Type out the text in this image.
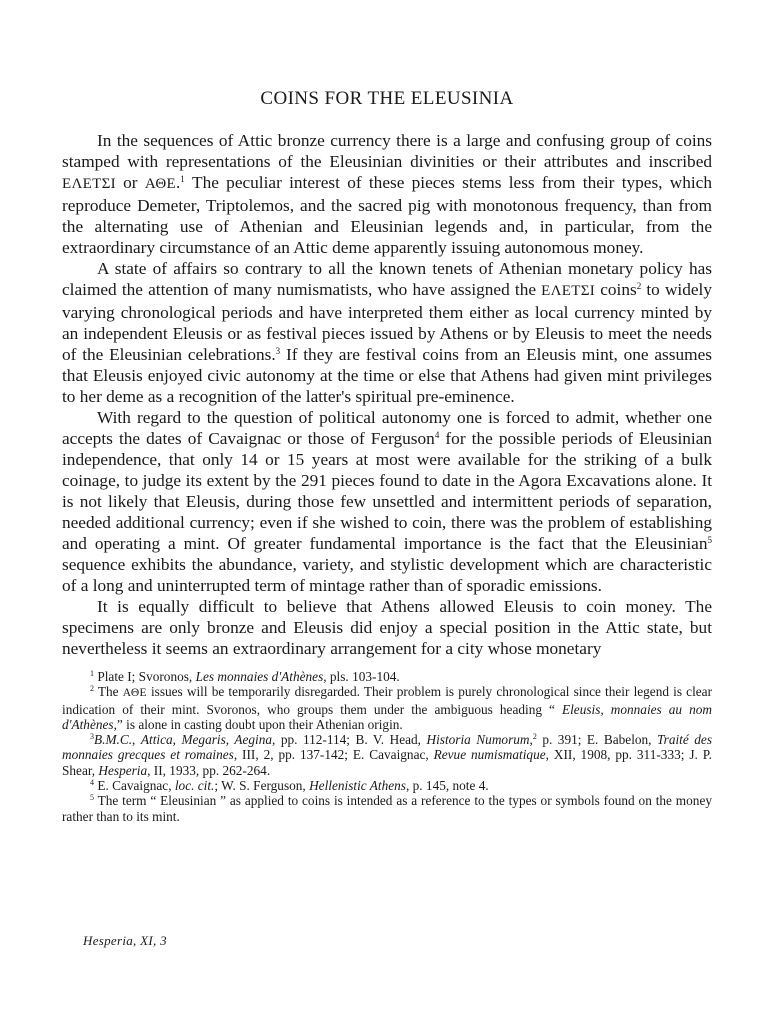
COINS FOR THE ELEUSINIA

In the sequences of Attic bronze currency there is a large and confusing group of coins stamped with representations of the Eleusinian divinities or their attributes and inscribed ΕΛΕΤΣΙ or ΑΘΕ.$^1$ The peculiar interest of these pieces stems less from their types, which reproduce Demeter, Triptolemos, and the sacred pig with monotonous frequency, than from the alternating use of Athenian and Eleusinian legends and, in particular, from the extraordinary circumstance of an Attic deme apparently issuing autonomous money.

A state of affairs so contrary to all the known tenets of Athenian monetary policy has claimed the attention of many numismatists, who have assigned the ΕΛΕΤΣΙ coins$^2$ to widely varying chronological periods and have interpreted them either as local currency minted by an independent Eleusis or as festival pieces issued by Athens or by Eleusis to meet the needs of the Eleusinian celebrations.$^3$ If they are festival coins from an Eleusis mint, one assumes that Eleusis enjoyed civic autonomy at the time or else that Athens had given mint privileges to her deme as a recognition of the latter's spiritual pre-eminence.

With regard to the question of political autonomy one is forced to admit, whether one accepts the dates of Cavaignac or those of Ferguson$^4$ for the possible periods of Eleusinian independence, that only 14 or 15 years at most were available for the striking of a bulk coinage, to judge its extent by the 291 pieces found to date in the Agora Excavations alone. It is not likely that Eleusis, during those few unsettled and intermittent periods of separation, needed additional currency; even if she wished to coin, there was the problem of establishing and operating a mint. Of greater fundamental importance is the fact that the Eleusinian$^5$ sequence exhibits the abundance, variety, and stylistic development which are characteristic of a long and uninterrupted term of mintage rather than of sporadic emissions.

It is equally difficult to believe that Athens allowed Eleusis to coin money. The specimens are only bronze and Eleusis did enjoy a special position in the Attic state, but nevertheless it seems an extraordinary arrangement for a city whose monetary

$^1$ Plate I; Svoronos, Les monnaies d'Athènes, pls. 103-104.

$^2$ The ΑΘΕ issues will be temporarily disregarded. Their problem is purely chronological since their legend is clear indication of their mint. Svoronos, who groups them under the ambiguous heading “ Eleusis, monnaies au nom d'Athènes,” is alone in casting doubt upon their Athenian origin.

$^3$B.M.C., Attica, Megaris, Aegina, pp. 112-114; B. V. Head, Historia Numorum,$^2$ p. 391; E. Babelon, Traité des monnaies grecques et romaines, III, 2, pp. 137-142; E. Cavaignac, Revue numismatique, XII, 1908, pp. 311-333; J. P. Shear, Hesperia, II, 1933, pp. 262-264.

$^4$ E. Cavaignac, loc. cit.; W. S. Ferguson, Hellenistic Athens, p. 145, note 4.

$^5$ The term “ Eleusinian ” as applied to coins is intended as a reference to the types or symbols found on the money rather than to its mint.

Hesperia, XI, 3
